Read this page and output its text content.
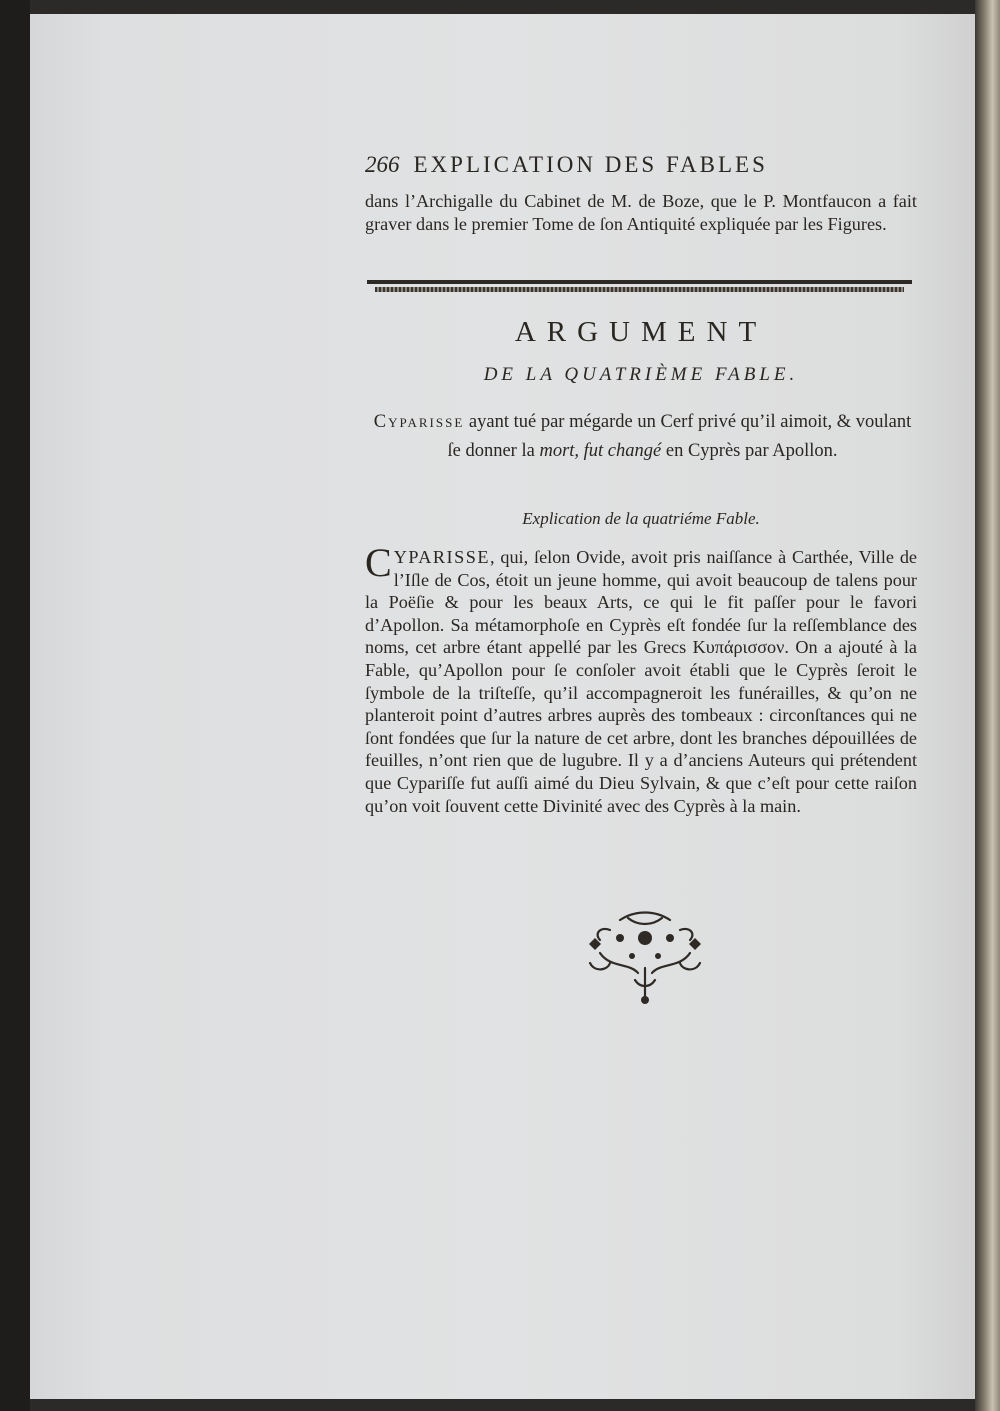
266 EXPLICATION DES FABLES
dans l’Archigalle du Cabinet de M. de Boze, que le P. Montfaucon a fait graver dans le premier Tome de ſon Antiquité expliquée par les Figures.
ARGUMENT
DE LA QUATRIÈME FABLE.
Cyparisse ayant tué par mégarde un Cerf privé qu’il aimoit, & voulant ſe donner la mort, fut changé en Cyprès par Apollon.
Explication de la quatriéme Fable.
CYPARISSE, qui, ſelon Ovide, avoit pris naiſſance à Carthée, Ville de l’Iſle de Cos, étoit un jeune homme, qui avoit beaucoup de talens pour la Poëſie & pour les beaux Arts, ce qui le fit paſſer pour le favori d’Apollon. Sa métamorphoſe en Cyprès eſt fondée ſur la reſſemblance des noms, cet arbre étant appellé par les Grecs Κυπάρισσον. On a ajouté à la Fable, qu’Apollon pour ſe conſoler avoit établi que le Cyprès ſeroit le ſymbole de la triſteſſe, qu’il accompagneroit les funérailles, & qu’on ne planteroit point d’autres arbres auprès des tombeaux : circonſtances qui ne ſont fondées que ſur la nature de cet arbre, dont les branches dépouillées de feuilles, n’ont rien que de lugubre. Il y a d’anciens Auteurs qui prétendent que Cypariſſe fut auſſi aimé du Dieu Sylvain, & que c’eſt pour cette raiſon qu’on voit ſouvent cette Divinité avec des Cyprès à la main.
